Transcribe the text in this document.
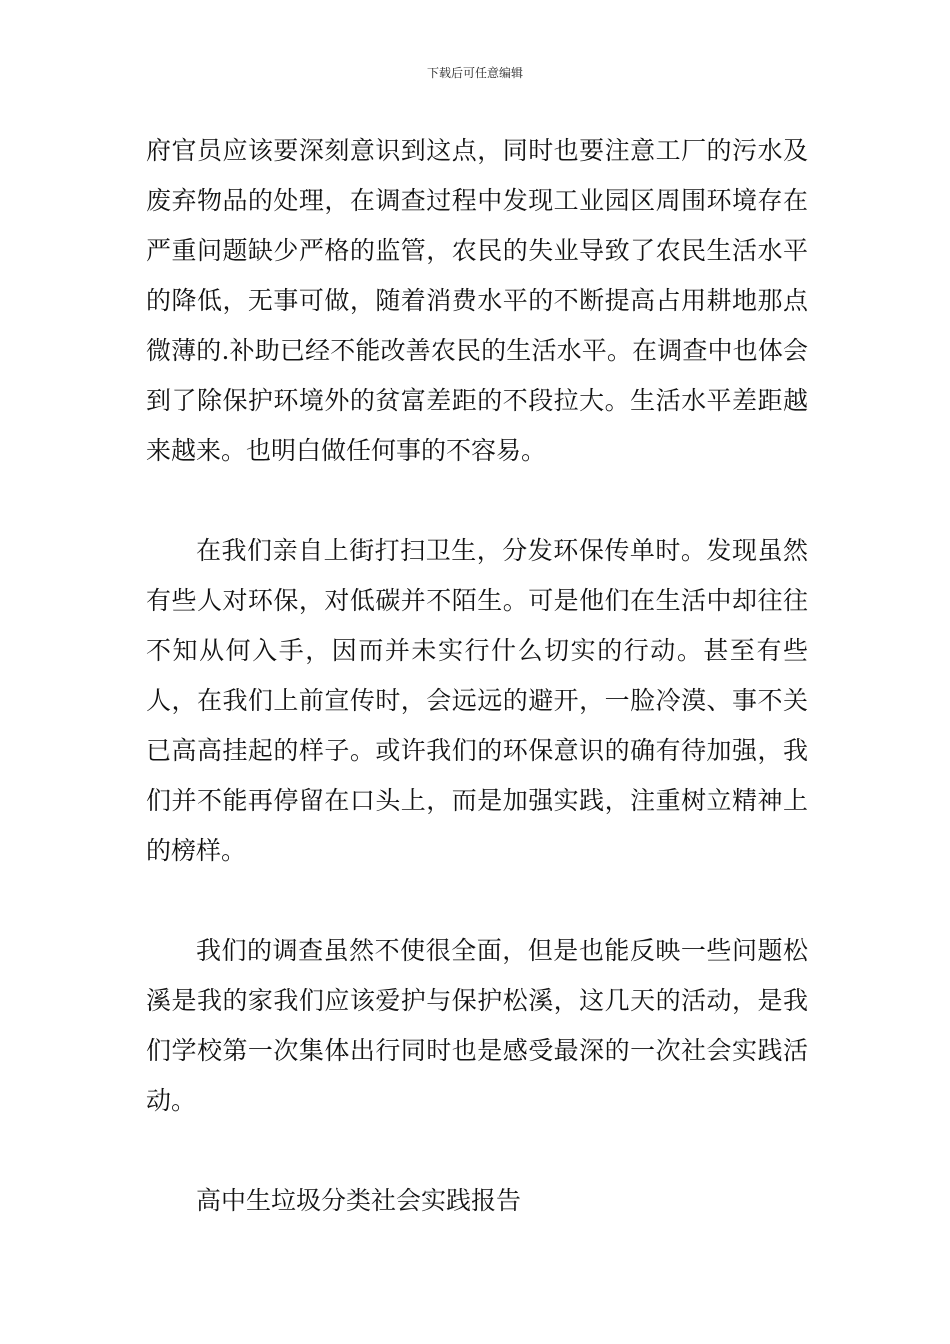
下载后可任意编辑

府官员应该要深刻意识到这点，同时也要注意工厂的污水及废弃物品的处理，在调查过程中发现工业园区周围环境存在严重问题缺少严格的监管，农民的失业导致了农民生活水平的降低，无事可做，随着消费水平的不断提高占用耕地那点微薄的.补助已经不能改善农民的生活水平。在调查中也体会到了除保护环境外的贫富差距的不段拉大。生活水平差距越来越来。也明白做任何事的不容易。

在我们亲自上街打扫卫生，分发环保传单时。发现虽然有些人对环保，对低碳并不陌生。可是他们在生活中却往往不知从何入手，因而并未实行什么切实的行动。甚至有些人，在我们上前宣传时，会远远的避开，一脸冷漠、事不关已高高挂起的样子。或许我们的环保意识的确有待加强，我们并不能再停留在口头上，而是加强实践，注重树立精神上的榜样。

我们的调查虽然不使很全面，但是也能反映一些问题松溪是我的家我们应该爱护与保护松溪，这几天的活动，是我们学校第一次集体出行同时也是感受最深的一次社会实践活动。

高中生垃圾分类社会实践报告
